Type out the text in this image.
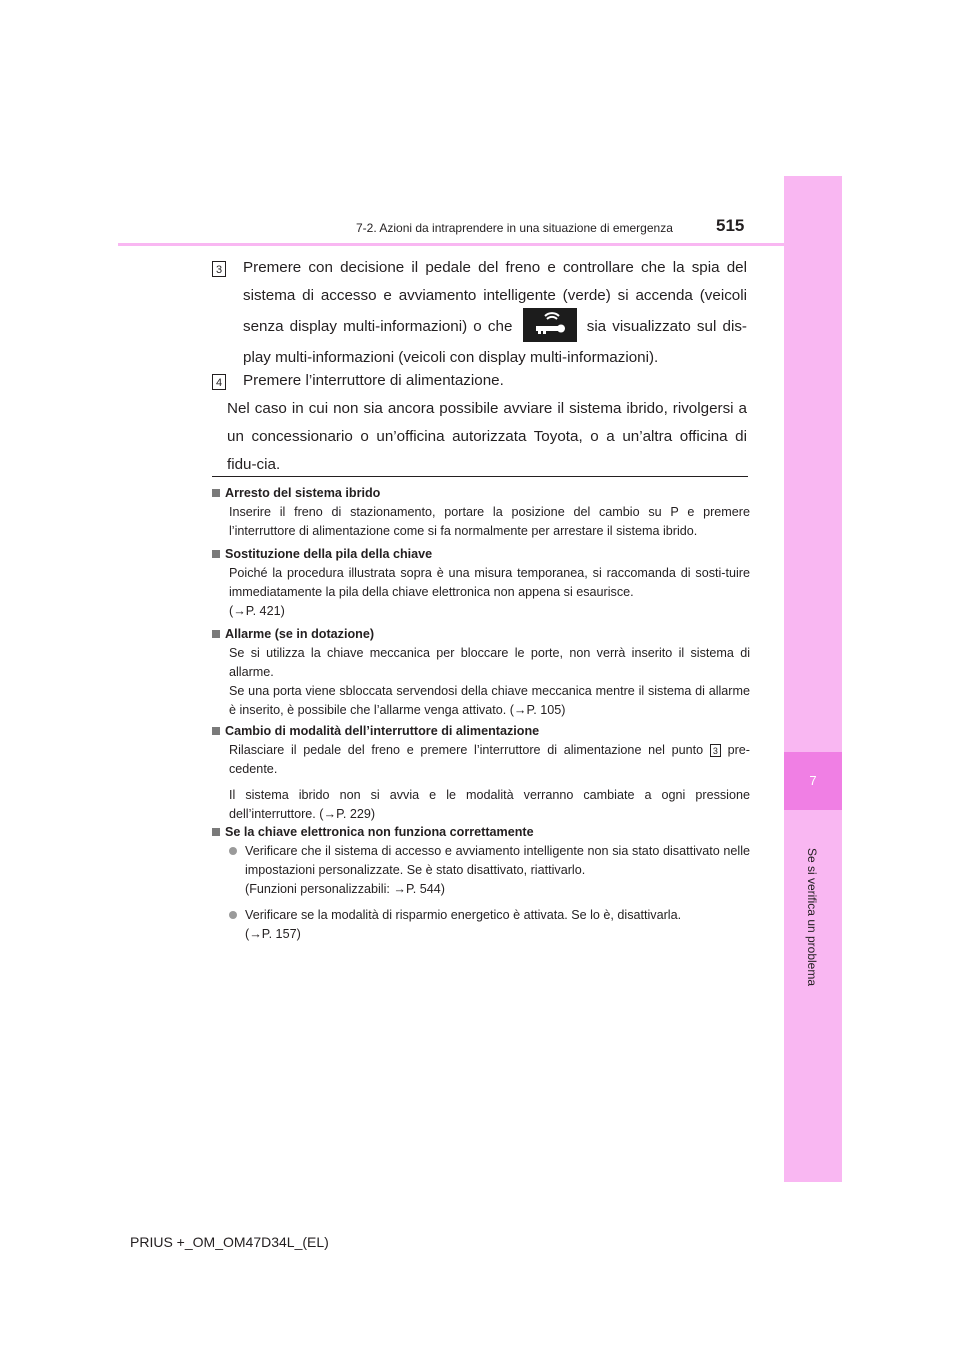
7
Se si verifica un problema
7-2. Azioni da intraprendere in una situazione di emergenza	515
3 Premere con decisione il pedale del freno e controllare che la spia del sistema di accesso e avviamento intelligente (verde) si accenda (veicoli senza display multi-informazioni) o che	sia visualizzato sul dis-play multi-informazioni (veicoli con display multi-informazioni).
4 Premere l’interruttore di alimentazione.
Nel caso in cui non sia ancora possibile avviare il sistema ibrido, rivolgersi a un concessionario o un’officina autorizzata Toyota, o a un’altra officina di fidu-cia.
Arresto del sistema ibrido
Inserire il freno di stazionamento, portare la posizione del cambio su P e premere l’interruttore di alimentazione come si fa normalmente per arrestare il sistema ibrido.
Sostituzione della pila della chiave
Poiché la procedura illustrata sopra è una misura temporanea, si raccomanda di sosti-tuire immediatamente la pila della chiave elettronica non appena si esaurisce.
(→P. 421)
Allarme (se in dotazione)
Se si utilizza la chiave meccanica per bloccare le porte, non verrà inserito il sistema di allarme.
Se una porta viene sbloccata servendosi della chiave meccanica mentre il sistema di allarme è inserito, è possibile che l’allarme venga attivato. (→P. 105)
Cambio di modalità dell’interruttore di alimentazione
Rilasciare il pedale del freno e premere l’interruttore di alimentazione nel punto 3 pre-cedente.
Il sistema ibrido non si avvia e le modalità verranno cambiate a ogni pressione dell’interruttore. (→P. 229)
Se la chiave elettronica non funziona correttamente
Verificare che il sistema di accesso e avviamento intelligente non sia stato disattivato nelle impostazioni personalizzate. Se è stato disattivato, riattivarlo.
(Funzioni personalizzabili: →P. 544)
Verificare se la modalità di risparmio energetico è attivata. Se lo è, disattivarla.
(→P. 157)
PRIUS +_OM_OM47D34L_(EL)
